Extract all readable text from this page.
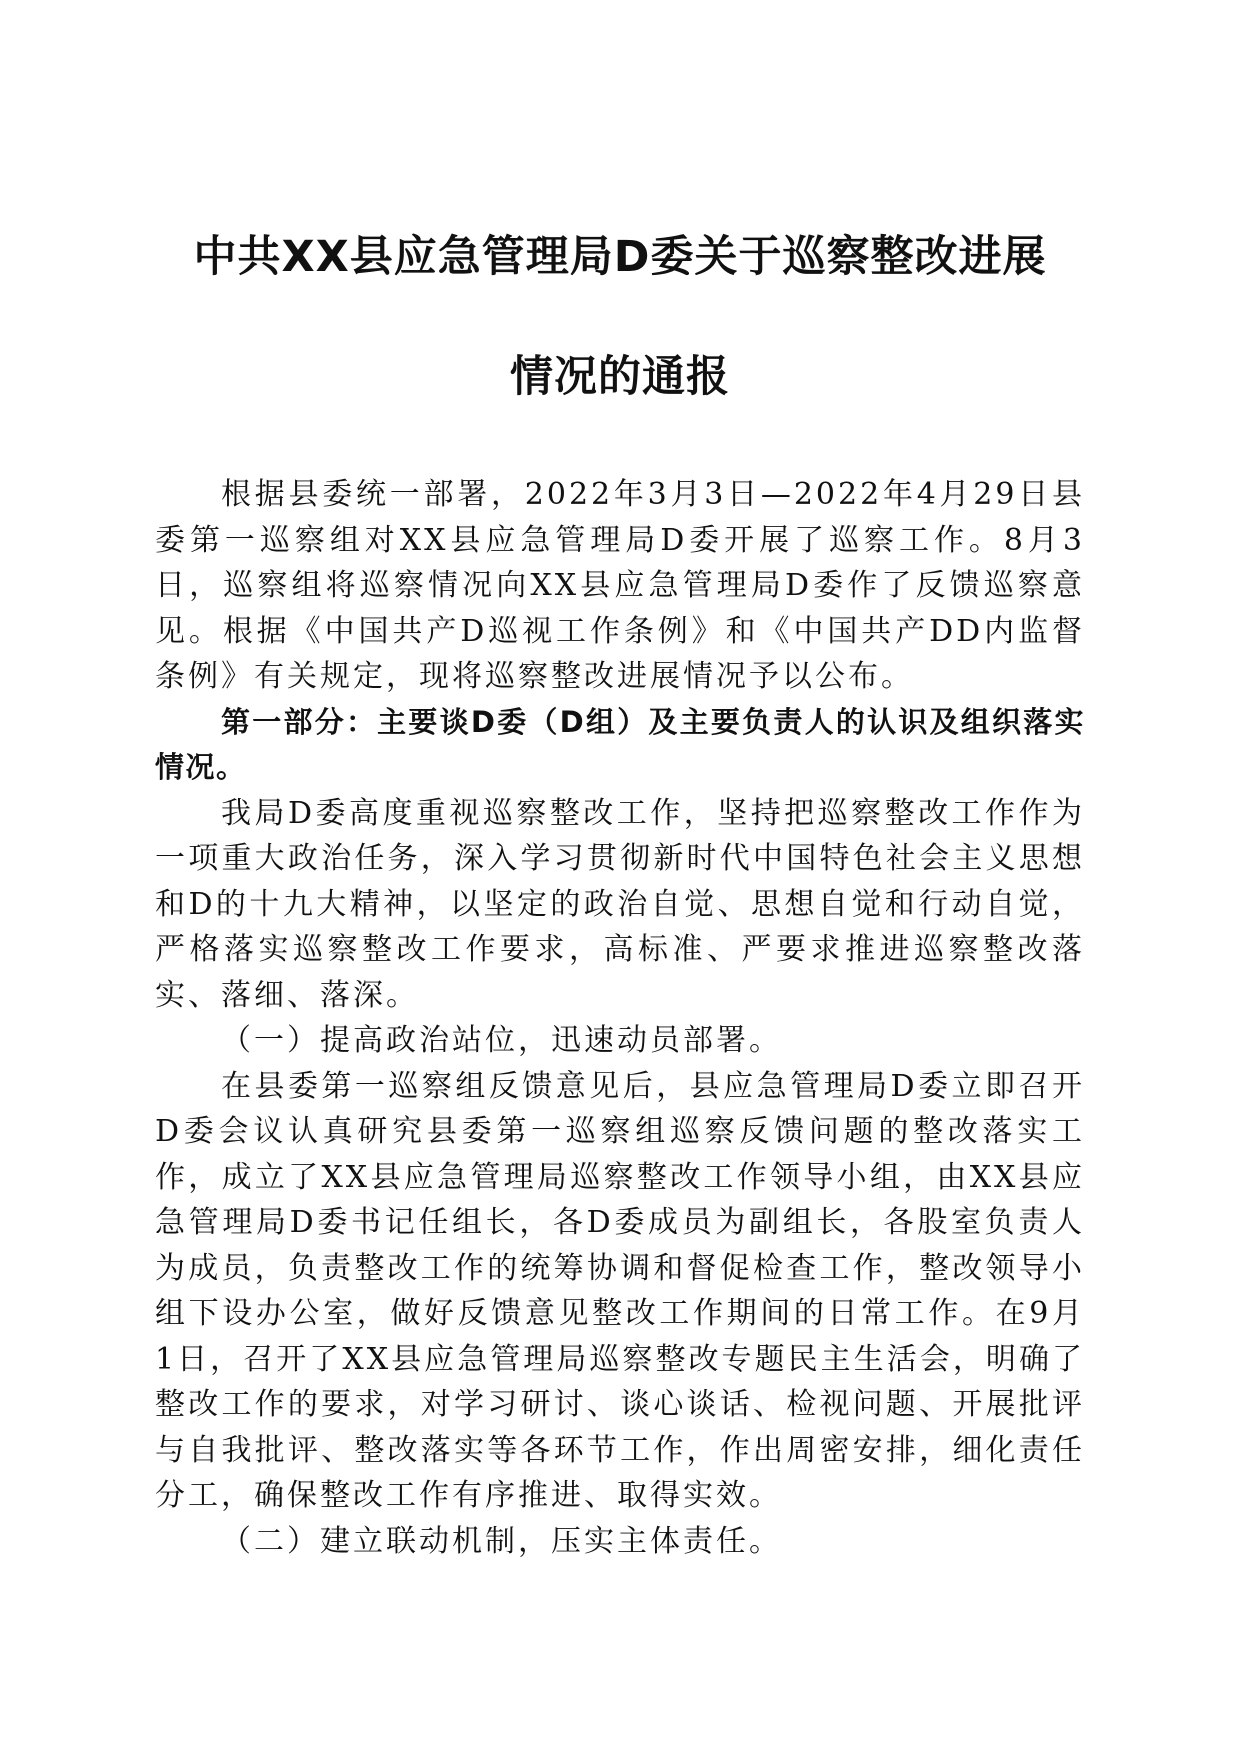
中共XX县应急管理局D委关于巡察整改进展
情况的通报

根据县委统一部署，2022年3月3日—2022年4月29日县委第一巡察组对XX县应急管理局D委开展了巡察工作。8月3日，巡察组将巡察情况向XX县应急管理局D委作了反馈巡察意见。根据《中国共产D巡视工作条例》和《中国共产DD内监督条例》有关规定，现将巡察整改进展情况予以公布。

第一部分：主要谈D委（D组）及主要负责人的认识及组织落实情况。

我局D委高度重视巡察整改工作，坚持把巡察整改工作作为一项重大政治任务，深入学习贯彻新时代中国特色社会主义思想和D的十九大精神，以坚定的政治自觉、思想自觉和行动自觉，严格落实巡察整改工作要求，高标准、严要求推进巡察整改落实、落细、落深。

（一）提高政治站位，迅速动员部署。

在县委第一巡察组反馈意见后，县应急管理局D委立即召开D委会议认真研究县委第一巡察组巡察反馈问题的整改落实工作，成立了XX县应急管理局巡察整改工作领导小组，由XX县应急管理局D委书记任组长，各D委成员为副组长，各股室负责人为成员，负责整改工作的统筹协调和督促检查工作，整改领导小组下设办公室，做好反馈意见整改工作期间的日常工作。在9月1日，召开了XX县应急管理局巡察整改专题民主生活会，明确了整改工作的要求，对学习研讨、谈心谈话、检视问题、开展批评与自我批评、整改落实等各环节工作，作出周密安排，细化责任分工，确保整改工作有序推进、取得实效。

（二）建立联动机制，压实主体责任。
